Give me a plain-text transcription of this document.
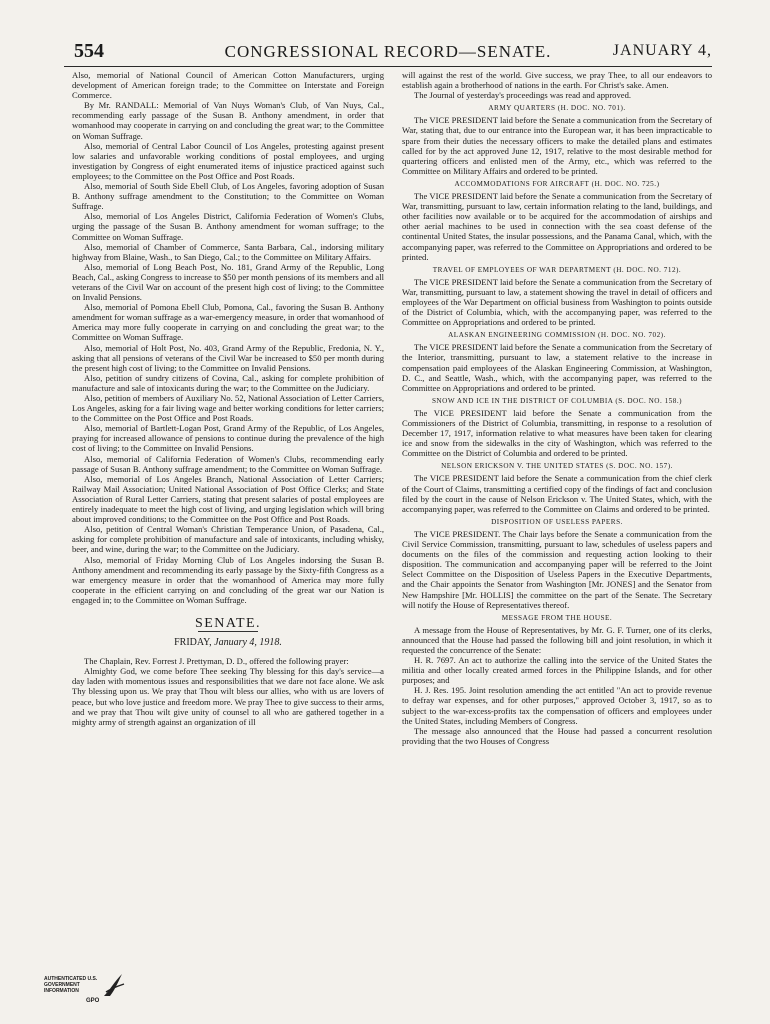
554	CONGRESSIONAL RECORD—SENATE.	JANUARY 4,

Also, memorial of National Council of American Cotton Manufacturers, urging development of American foreign trade; to the Committee on Interstate and Foreign Commerce.

By Mr. RANDALL: Memorial of Van Nuys Woman's Club, of Van Nuys, Cal., recommending early passage of the Susan B. Anthony amendment, in order that womanhood may cooperate in carrying on and concluding the great war; to the Committee on Woman Suffrage.

Also, memorial of Central Labor Council of Los Angeles, protesting against present low salaries and unfavorable working conditions of postal employees, and urging investigation by Congress of eight enumerated items of injustice practiced against such employees; to the Committee on the Post Office and Post Roads.

Also, memorial of South Side Ebell Club, of Los Angeles, favoring adoption of Susan B. Anthony suffrage amendment to the Constitution; to the Committee on Woman Suffrage.

Also, memorial of Los Angeles District, California Federation of Women's Clubs, urging the passage of the Susan B. Anthony amendment for woman suffrage; to the Committee on Woman Suffrage.

Also, memorial of Chamber of Commerce, Santa Barbara, Cal., indorsing military highway from Blaine, Wash., to San Diego, Cal.; to the Committee on Military Affairs.

Also, memorial of Long Beach Post, No. 181, Grand Army of the Republic, Long Beach, Cal., asking Congress to increase to $50 per month pensions of its members and all veterans of the Civil War on account of the present high cost of living; to the Committee on Invalid Pensions.

Also, memorial of Pomona Ebell Club, Pomona, Cal., favoring the Susan B. Anthony amendment for woman suffrage as a war-emergency measure, in order that womanhood of America may more fully cooperate in carrying on and concluding the great war; to the Committee on Woman Suffrage.

Also, memorial of Holt Post, No. 403, Grand Army of the Republic, Fredonia, N. Y., asking that all pensions of veterans of the Civil War be increased to $50 per month during the present high cost of living; to the Committee on Invalid Pensions.

Also, petition of sundry citizens of Covina, Cal., asking for complete prohibition of manufacture and sale of intoxicants during the war; to the Committee on the Judiciary.

Also, petition of members of Auxiliary No. 52, National Association of Letter Carriers, Los Angeles, asking for a fair living wage and better working conditions for letter carriers; to the Committee on the Post Office and Post Roads.

Also, memorial of Bartlett-Logan Post, Grand Army of the Republic, of Los Angeles, praying for increased allowance of pensions to continue during the prevalence of the high cost of living; to the Committee on Invalid Pensions.

Also, memorial of California Federation of Women's Clubs, recommending early passage of Susan B. Anthony suffrage amendment; to the Committee on Woman Suffrage.

Also, memorial of Los Angeles Branch, National Association of Letter Carriers; Railway Mail Association; United National Association of Post Office Clerks; and State Association of Rural Letter Carriers, stating that present salaries of postal employees are entirely inadequate to meet the high cost of living, and urging legislation which will bring about improved conditions; to the Committee on the Post Office and Post Roads.

Also, petition of Central Woman's Christian Temperance Union, of Pasadena, Cal., asking for complete prohibition of manufacture and sale of intoxicants, including whisky, beer, and wine, during the war; to the Committee on the Judiciary.

Also, memorial of Friday Morning Club of Los Angeles indorsing the Susan B. Anthony amendment and recommending its early passage by the Sixty-fifth Congress as a war emergency measure in order that the womanhood of America may more fully cooperate in the efficient carrying on and concluding of the great war our Nation is engaged in; to the Committee on Woman Suffrage.

SENATE.
FRIDAY, January 4, 1918.

The Chaplain, Rev. Forrest J. Prettyman, D. D., offered the following prayer:

Almighty God, we come before Thee seeking Thy blessing for this day's service—a day laden with momentous issues and responsibilities that we dare not face alone. We ask Thy blessing upon us. We pray that Thou wilt bless our allies, who with us are lovers of peace, but who love justice and freedom more. We pray Thee to give success to their arms, and we pray that Thou wilt give unity of counsel to all who are gathered together in a mighty army of strength against an organization of ill

will against the rest of the world. Give success, we pray Thee, to all our endeavors to establish again a brotherhood of nations in the earth. For Christ's sake. Amen.

The Journal of yesterday's proceedings was read and approved.

ARMY QUARTERS (H. DOC. NO. 701).

The VICE PRESIDENT laid before the Senate a communication from the Secretary of War, stating that, due to our entrance into the European war, it has been impracticable to spare from their duties the necessary officers to make the detailed plans and estimates called for by the act approved June 12, 1917, relative to the most desirable method for quartering officers and enlisted men of the Army, etc., which was referred to the Committee on Military Affairs and ordered to be printed.

ACCOMMODATIONS FOR AIRCRAFT (H. DOC. NO. 725.)

The VICE PRESIDENT laid before the Senate a communication from the Secretary of War, transmitting, pursuant to law, certain information relating to the land, buildings, and other facilities now available or to be acquired for the accommodation of airships and other aerial machines to be used in connection with the sea coast defense of the continental United States, the insular possessions, and the Panama Canal, which, with the accompanying paper, was referred to the Committee on Appropriations and ordered to be printed.

TRAVEL OF EMPLOYEES OF WAR DEPARTMENT (H. DOC. NO. 712).

The VICE PRESIDENT laid before the Senate a communication from the Secretary of War, transmitting, pursuant to law, a statement showing the travel in detail of officers and employees of the War Department on official business from Washington to points outside of the District of Columbia, which, with the accompanying paper, was referred to the Committee on Appropriations and ordered to be printed.

ALASKAN ENGINEERING COMMISSION (H. DOC. NO. 702).

The VICE PRESIDENT laid before the Senate a communication from the Secretary of the Interior, transmitting, pursuant to law, a statement relative to the increase in compensation paid employees of the Alaskan Engineering Commission, at Washington, D. C., and Seattle, Wash., which, with the accompanying paper, was referred to the Committee on Appropriations and ordered to be printed.

SNOW AND ICE IN THE DISTRICT OF COLUMBIA (S. DOC. NO. 158.)

The VICE PRESIDENT laid before the Senate a communication from the Commissioners of the District of Columbia, transmitting, in response to a resolution of December 17, 1917, information relative to what measures have been taken for clearing ice and snow from the sidewalks in the city of Washington, which was referred to the Committee on the District of Columbia and ordered to be printed.

NELSON ERICKSON V. THE UNITED STATES (S. DOC. NO. 157).

The VICE PRESIDENT laid before the Senate a communication from the chief clerk of the Court of Claims, transmitting a certified copy of the findings of fact and conclusion filed by the court in the cause of Nelson Erickson v. The United States, which, with the accompanying paper, was referred to the Committee on Claims and ordered to be printed.

DISPOSITION OF USELESS PAPERS.

The VICE PRESIDENT. The Chair lays before the Senate a communication from the Civil Service Commission, transmitting, pursuant to law, schedules of useless papers and documents on the files of the commission and requesting action looking to their disposition. The communication and accompanying paper will be referred to the Joint Select Committee on the Disposition of Useless Papers in the Executive Departments, and the Chair appoints the Senator from Washington [Mr. JONES] and the Senator from New Hampshire [Mr. HOLLIS] the committee on the part of the Senate. The Secretary will notify the House of Representatives thereof.

MESSAGE FROM THE HOUSE.

A message from the House of Representatives, by Mr. G. F. Turner, one of its clerks, announced that the House had passed the following bill and joint resolution, in which it requested the concurrence of the Senate:

H. R. 7697. An act to authorize the calling into the service of the United States the militia and other locally created armed forces in the Philippine Islands, and for other purposes; and

H. J. Res. 195. Joint resolution amending the act entitled "An act to provide revenue to defray war expenses, and for other purposes," approved October 3, 1917, so as to subject to the war-excess-profits tax the compensation of officers and employees under the United States, including Members of Congress.

The message also announced that the House had passed a concurrent resolution providing that the two Houses of Congress

AUTHENTICATED U.S. GOVERNMENT INFORMATION
GPO
